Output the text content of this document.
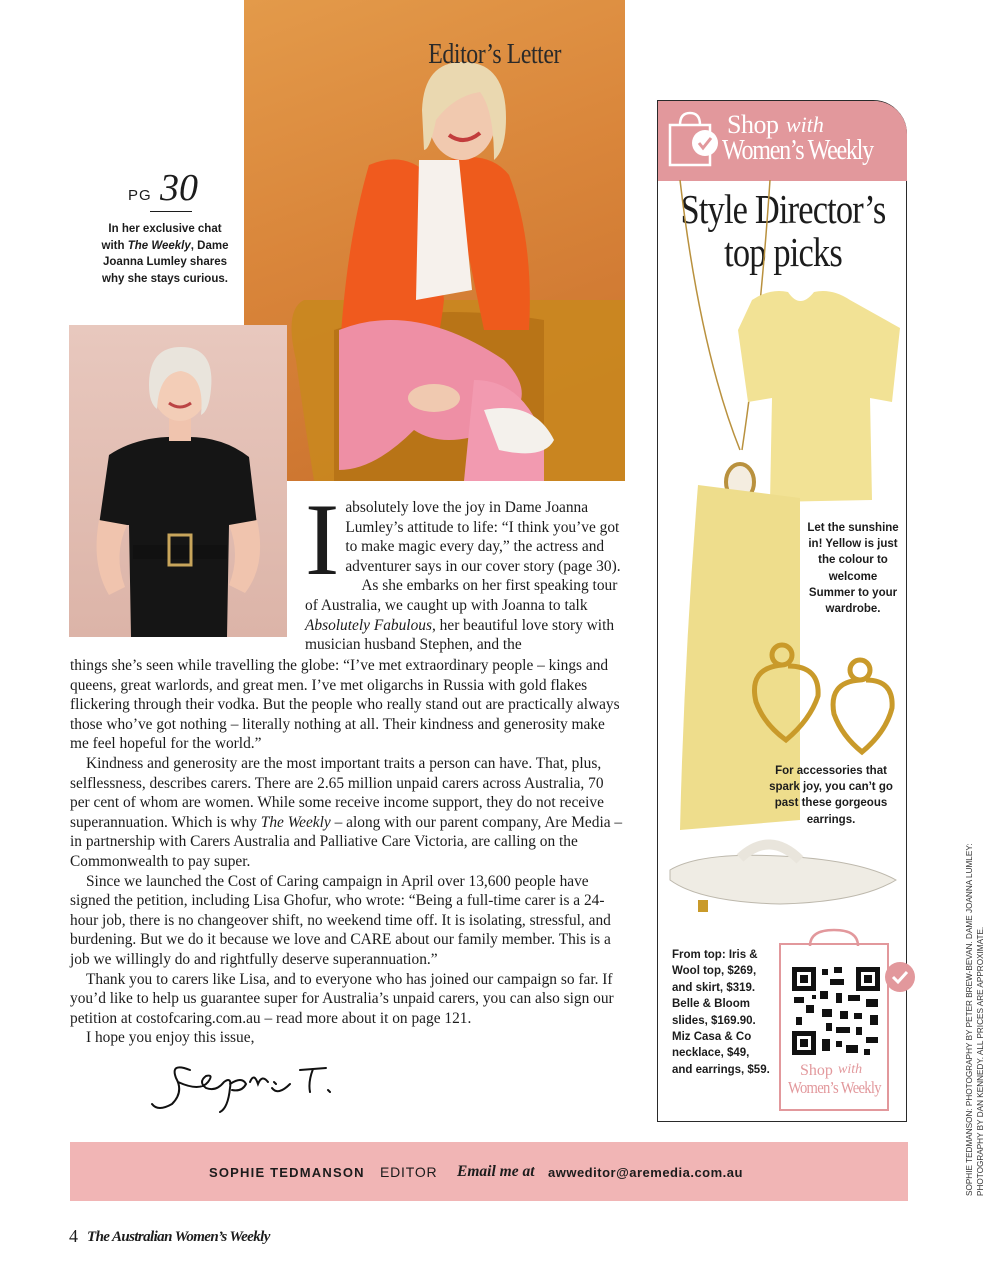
Editor’s Letter
PG 30
In her exclusive chat with The Weekly, Dame Joanna Lumley shares why she stays curious.
I absolutely love the joy in Dame Joanna Lumley’s attitude to life: “I think you’ve got to make magic every day,” the actress and adventurer says in our cover story (page 30).

As she embarks on her first speaking tour of Australia, we caught up with Joanna to talk Absolutely Fabulous, her beautiful love story with musician husband Stephen, and the

things she’s seen while travelling the globe: “I’ve met extraordinary people – kings and queens, great warlords, and great men. I’ve met oligarchs in Russia with gold flakes flickering through their vodka. But the people who really stand out are practically always those who’ve got nothing – literally nothing at all. Their kindness and generosity make me feel hopeful for the world.”

Kindness and generosity are the most important traits a person can have. That, plus, selflessness, describes carers. There are 2.65 million unpaid carers across Australia, 70 per cent of whom are women. While some receive income support, they do not receive superannuation. Which is why The Weekly – along with our parent company, Are Media – in partnership with Carers Australia and Palliative Care Victoria, are calling on the Commonwealth to pay super.

Since we launched the Cost of Caring campaign in April over 13,600 people have signed the petition, including Lisa Ghofur, who wrote: “Being a full-time carer is a 24-hour job, there is no changeover shift, no weekend time off. It is isolating, stressful, and burdening. But we do it because we love and CARE about our family member. This is a job we willingly do and rightfully deserve superannuation.”

Thank you to carers like Lisa, and to everyone who has joined our campaign so far. If you’d like to help us guarantee super for Australia’s unpaid carers, you can also sign our petition at costofcaring.com.au – read more about it on page 121.

I hope you enjoy this issue,

Shop with
Women’s Weekly
Style Director’s
top picks
Let the sunshine in! Yellow is just the colour to welcome Summer to your wardrobe.
For accessories that spark joy, you can’t go past these gorgeous earrings.
From top: Iris & Wool top, $269, and skirt, $319. Belle & Bloom slides, $169.90. Miz Casa & Co necklace, $49, and earrings, $59. Shop with
Women’s Weekly	SOPHIE TEDMANSON: PHOTOGRAPHY BY PETER BREW-BEVAN. DAME JOANNA LUMLEY: PHOTOGRAPHY BY DAN KENNEDY. ALL PRICES ARE APPROXIMATE.
SOPHIE TEDMANSON EDITOR Email me at awweditor@aremedia.com.au
4 The Australian Women’s Weekly
